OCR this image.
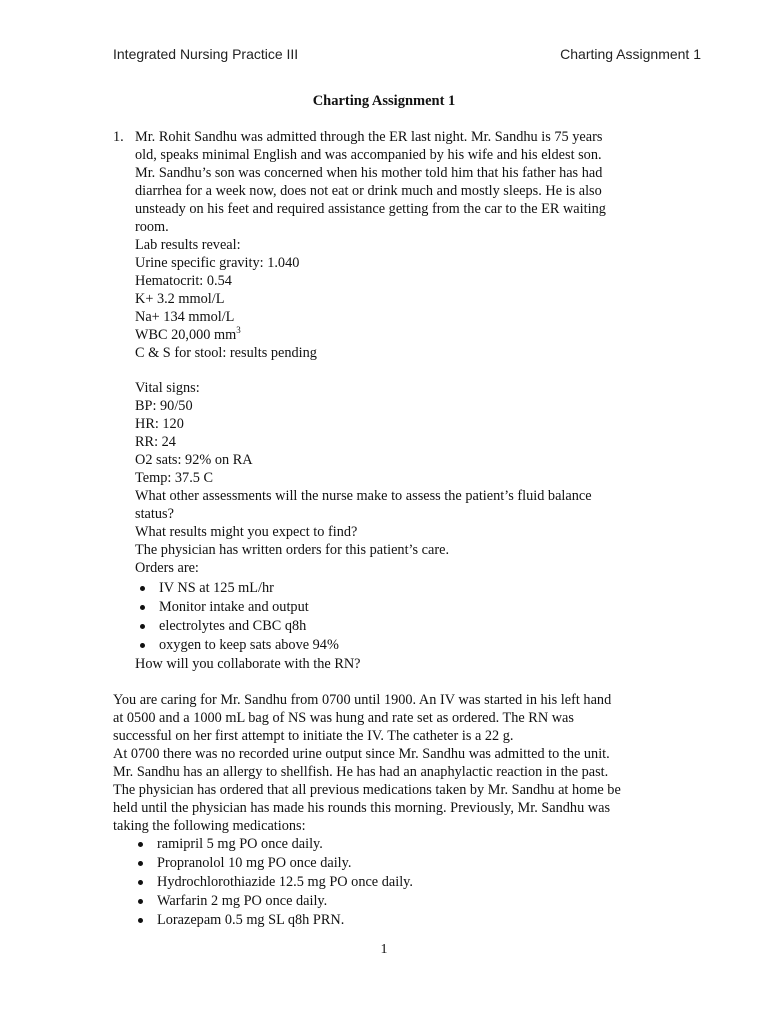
Integrated Nursing Practice III	Charting Assignment 1
Charting Assignment 1
1. Mr. Rohit Sandhu was admitted through the ER last night. Mr. Sandhu is 75 years

old, speaks minimal English and was accompanied by his wife and his eldest son.

Mr. Sandhu’s son was concerned when his mother told him that his father has had

diarrhea for a week now, does not eat or drink much and mostly sleeps. He is also

unsteady on his feet and required assistance getting from the car to the ER waiting

room.

Lab results reveal:

Urine specific gravity: 1.040

Hematocrit: 0.54

K+ 3.2 mmol/L

Na+ 134 mmol/L

WBC 20,000 $mm^3$

C & S for stool: results pending

Vital signs:

BP: 90/50

HR: 120

RR: 24

O2 sats: 92% on RA

Temp: 37.5 C

What other assessments will the nurse make to assess the patient’s fluid balance

status?

What results might you expect to find?

The physician has written orders for this patient’s care.

Orders are:

IV NS at 125 mL/hr
Monitor intake and output
electrolytes and CBC q8h
oxygen to keep sats above 94%

How will you collaborate with the RN?

You are caring for Mr. Sandhu from 0700 until 1900. An IV was started in his left hand

at 0500 and a 1000 mL bag of NS was hung and rate set as ordered. The RN was

successful on her first attempt to initiate the IV. The catheter is a 22 g.

At 0700 there was no recorded urine output since Mr. Sandhu was admitted to the unit.

Mr. Sandhu has an allergy to shellfish. He has had an anaphylactic reaction in the past.

The physician has ordered that all previous medications taken by Mr. Sandhu at home be

held until the physician has made his rounds this morning. Previously, Mr. Sandhu was

taking the following medications:

ramipril 5 mg PO once daily.
Propranolol 10 mg PO once daily.
Hydrochlorothiazide 12.5 mg PO once daily.
Warfarin 2 mg PO once daily.
Lorazepam 0.5 mg SL q8h PRN.
1
